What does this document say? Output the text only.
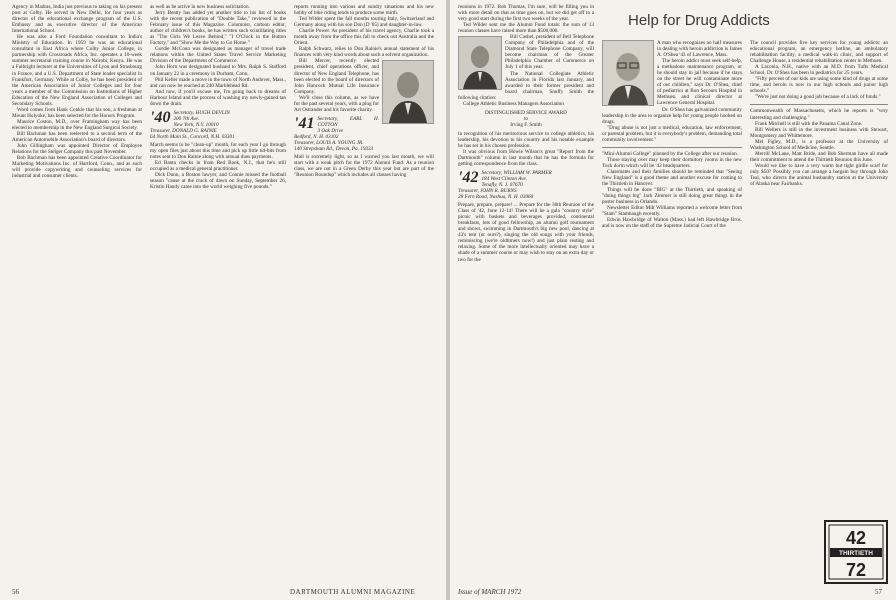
Agency in Madras, India just previous to taking on his present post at Colby. He served in New Delhi, for four years as director of the educational exchange program of the U.S. Embassy and as executive director of the American International School.

He was also a Ford Foundation consultant to India's Ministry of Education. In 1959 he was an educational consultant in East Africa where Colby Junior College, in partnership with Crossroads Africa, Inc. operates a 10-week summer secretarial training course in Nairobi, Kenya. He was a Fulbright lecturer at the Universities of Lyon and Strasbourg in France, and a U.S. Department of State leader specialist in Frankfurt, Germany. While at Colby, he has been president of the American Association of Junior Colleges and for four years a member of the Commission on Institutions of Higher Education of the New England Association of Colleges and Secondary Schools.

Word comes from Hank Conkle that his son, a freshman at Mount Holyoke, has been selected for the Honors Program.

Maurice Coston, M.D., over Framingham way has been elected to membership in the New England Surgical Society.

Bill Bachman has been reelected to a second term of the American Automobile Association's board of directors.

John Gillingham was appointed Director of Employee Relations for the Steiger Company this past November.

Bob Bachman has been appointed Creative Coordinator for Marketing Motivations Inc. of Hartford, Conn., and as such will provide copywriting and counseling services for industrial and consumer clients.

as well as be active in new business solicitation.

Jerry Beatty has added yet another title to his list of books with the recent publication of "Double Take," reviewed in the February issue of this Magazine. Columnist, cartoon editor, author of children's books, he has written such scintillating titles as "The Girls We Leave Behind," "I O'Clock in the Button Factory," and "Show Me the Way to Go Home."

Gordie McCoun was designated as manager of travel trade relations within the United States Travel Service Marketing Division of the Department of Commerce.

John Horn was designated husband to Mrs. Ralph S. Stafford on January 22 in a ceremony in Durham, Conn.

Phil Keller made a move in the town of North Andover, Mass., and can now be reached at 240 Marblehead Rd.

And now, if you'll excuse me, I'm going back to dreams of Harbour Island and the process of washing my newly-gained tan down the drain.

'40 Secretary, HUGH DEVLIN
200 7th Ave.
New York, N.Y. 10010
Treasurer, DONALD G. RAINIE
64 North Main St., Concord, N.H. 03301

March seems to be "clean-up" month, for each year I go through my open files just about this time and pick up little tid-bits from notes sent to Don Rainie along with annual dues payments.

Ed Banta checks in from Red Bank, N.J., that he's still occupied as a medical general practitioner.

Dick Dunn, a Boston lawyer, and Connie missed the football season "cause at the crack of dawn on Sunday, September 26, Kristin Handy came into the world weighing five pounds."

reports running into various and sundry situations and his new hobby of bike riding tends to produce some mirth.

Ted Wilder spent the fall months touring Italy, Switzerland and Germany along with his son Don (D '65) and daughter-in-law.

Charlie Power. As president of his travel agency, Charlie took a month away from the office this fall to check out Australia and the Orient.

Ralph Schwarz, relies to Don Rainie's annual statement of his finances with very kind words about such a solvent organization.

Bill Mercer, recently elected president, chief operations officer, and director of New England Telephone, has been elected to the board of directors of John Hancock Mutual Life Insurance Company.

We'll close this column, as we have for the past several years, with a plug for Art Ostrander and his favorite charity.

'41 Secretary, EARL H. COTTON
3 Oak Drive
Bedford, N. H. 03102
Treasurer, LOUIS A. YOUNG JR.
140 Strepsham Rd., Devon, Pa. 19333

Mail is extremely light, so as I warned you last month, we will start with a weak pitch for the 1972 Alumni Fund. As a reunion class, we are not in a Green Derby this year but are part of the "Reunion Roundup" which includes all classes having

56	DARTMOUTH ALUMNI MAGAZINE

reunions in 1972. Bob Thomas, I'm sure, will be filling you in with more detail on that as time goes on, but we did get off to a very good start during the first two weeks of the year.

Ted Wilder sent me the Alumni Fund totals: the sum of 13 reunion classes have raised more than $500,000.

Bill Cashel, president of Bell Telephone Company of Philadelphia and of the Diamond State Telephone Company, will become chairman of the Greater Philadelphia Chamber of Commerce on July 1 of this year.

The National Collegiate Athletic Association in Florida last January, and awarded to their former president and board chairman, Snuffy Smith the following citation:

College Athletic Business Managers Association

DISTINGUISHED SERVICE AWARD
to
Irving F. Smith

in recognition of his meritorious service to college athletics, his leadership, his devotion to his country and his notable example he has set in his chosen profession.

It was obvious from Howie Wilson's great "Report from the Dartmouth" column in last month that he has the formula for getting correspondence from the class.

'42 Secretary, WILLIAM W. PARMER
184 West Clinton Ave.
Tenafly, N. J. 07670
Treasurer, JOHN R. BURNS
28 Fern Road, Nashua, N. H. 03060

Prepare, prepare, prepare! ... Prepare for the 30th Reunion of the Class of '42, June 12-14! There will be a gala "country style" picnic with baskets and beverages provided, continental breakfasts, lots of good fellowship, an alumni golf tournament and shows, swimming in Dartmouth's big new pool, dancing at 43's tent (or ours?), singing the old songs with your friends, reminiscing (we're oldtimers now!) and just plain resting and relaxing. Some of the more intellectually oriented may have a shade of a summer course or may wish to stay on an extra day or two for the

Help for Drug Addicts

A man who recognizes no half measures in dealing with heroin addiction is James A. O'Shea '43 of Lawrence, Mass.

The heroin addict must seek self-help, a methadone maintenance program, or he should stay in jail because if he stays on the street he will contaminate more of our children," says Dr. O'Shea, chief of pediatrics at Bon Secours Hospital in Methuen and clinical director at Lawrence General Hospital.

Dr. O'Shea has galvanized community leadership in the area to organize help for young people hooked on drugs.

"Drug abuse is not just a medical, education, law enforcement, or parental problem, but it is everybody's problem, demanding total community involvement."

"Mini-Alumni College" planned by the College after our reunion.

Those staying over may keep their dormitory rooms in the new Tuck dorm which will be '42 headquarters.

Classmates and their families should be reminded that "Seeing New England" is a good theme and another excuse for coming to the Thirtieth in Hanover.

Things will be done "BIG" at the Thirtieth, and speaking of "doing things big" Jack Zimmer is still doing great things in the poster business in Orlando.

Newsletter Editor Milt Williams reported a welcome letter from "Stam" Stambaugh recently.

Edwin Hawbridge of Walton (Mass.) had left Hawbridge Bros. and is now on the staff of the Supreme Judicial Court of the

The council provides five key services for young addicts: an educational program, an emergency hotline, an ambulatory rehabilitation facility, a medical walk-in clinic, and support of Challenge House, a residential rehabilitation center in Methuen.

A Laconia, N.H., native with an M.D. from Tufts Medical School, Dr. O'Shea has been in pediatrics for 25 years.

"Fifty percent of our kids are using some kind of drugs at some time, and heroin is now in our high schools and junior high schools."

"We're just not doing a good job because of a lack of funds."

Commonwealth of Massachusetts, which he reports is "very interesting and challenging."

Frank Mitchell is still with the Panama Canal Zone.

Bill Wellers is still in the investment business with Stewart, Montgomery and Whittemore.

Mel Figley, M.D., is a professor at the University of Washington School of Medicine, Seattle.

Merrill McLane, Matt Bride, and Bob Sherman have all made their commitment to attend the Thirtieth Reunion this June.

Would we like to have a very warm but tight girdle scarf for only $50? Possibly you can arrange a bargain buy through John Teal, who directs the animal husbandry station at the University of Alaska near Fairbanks.

42
THIRTIETH
72
Issue of MARCH 1972	57
